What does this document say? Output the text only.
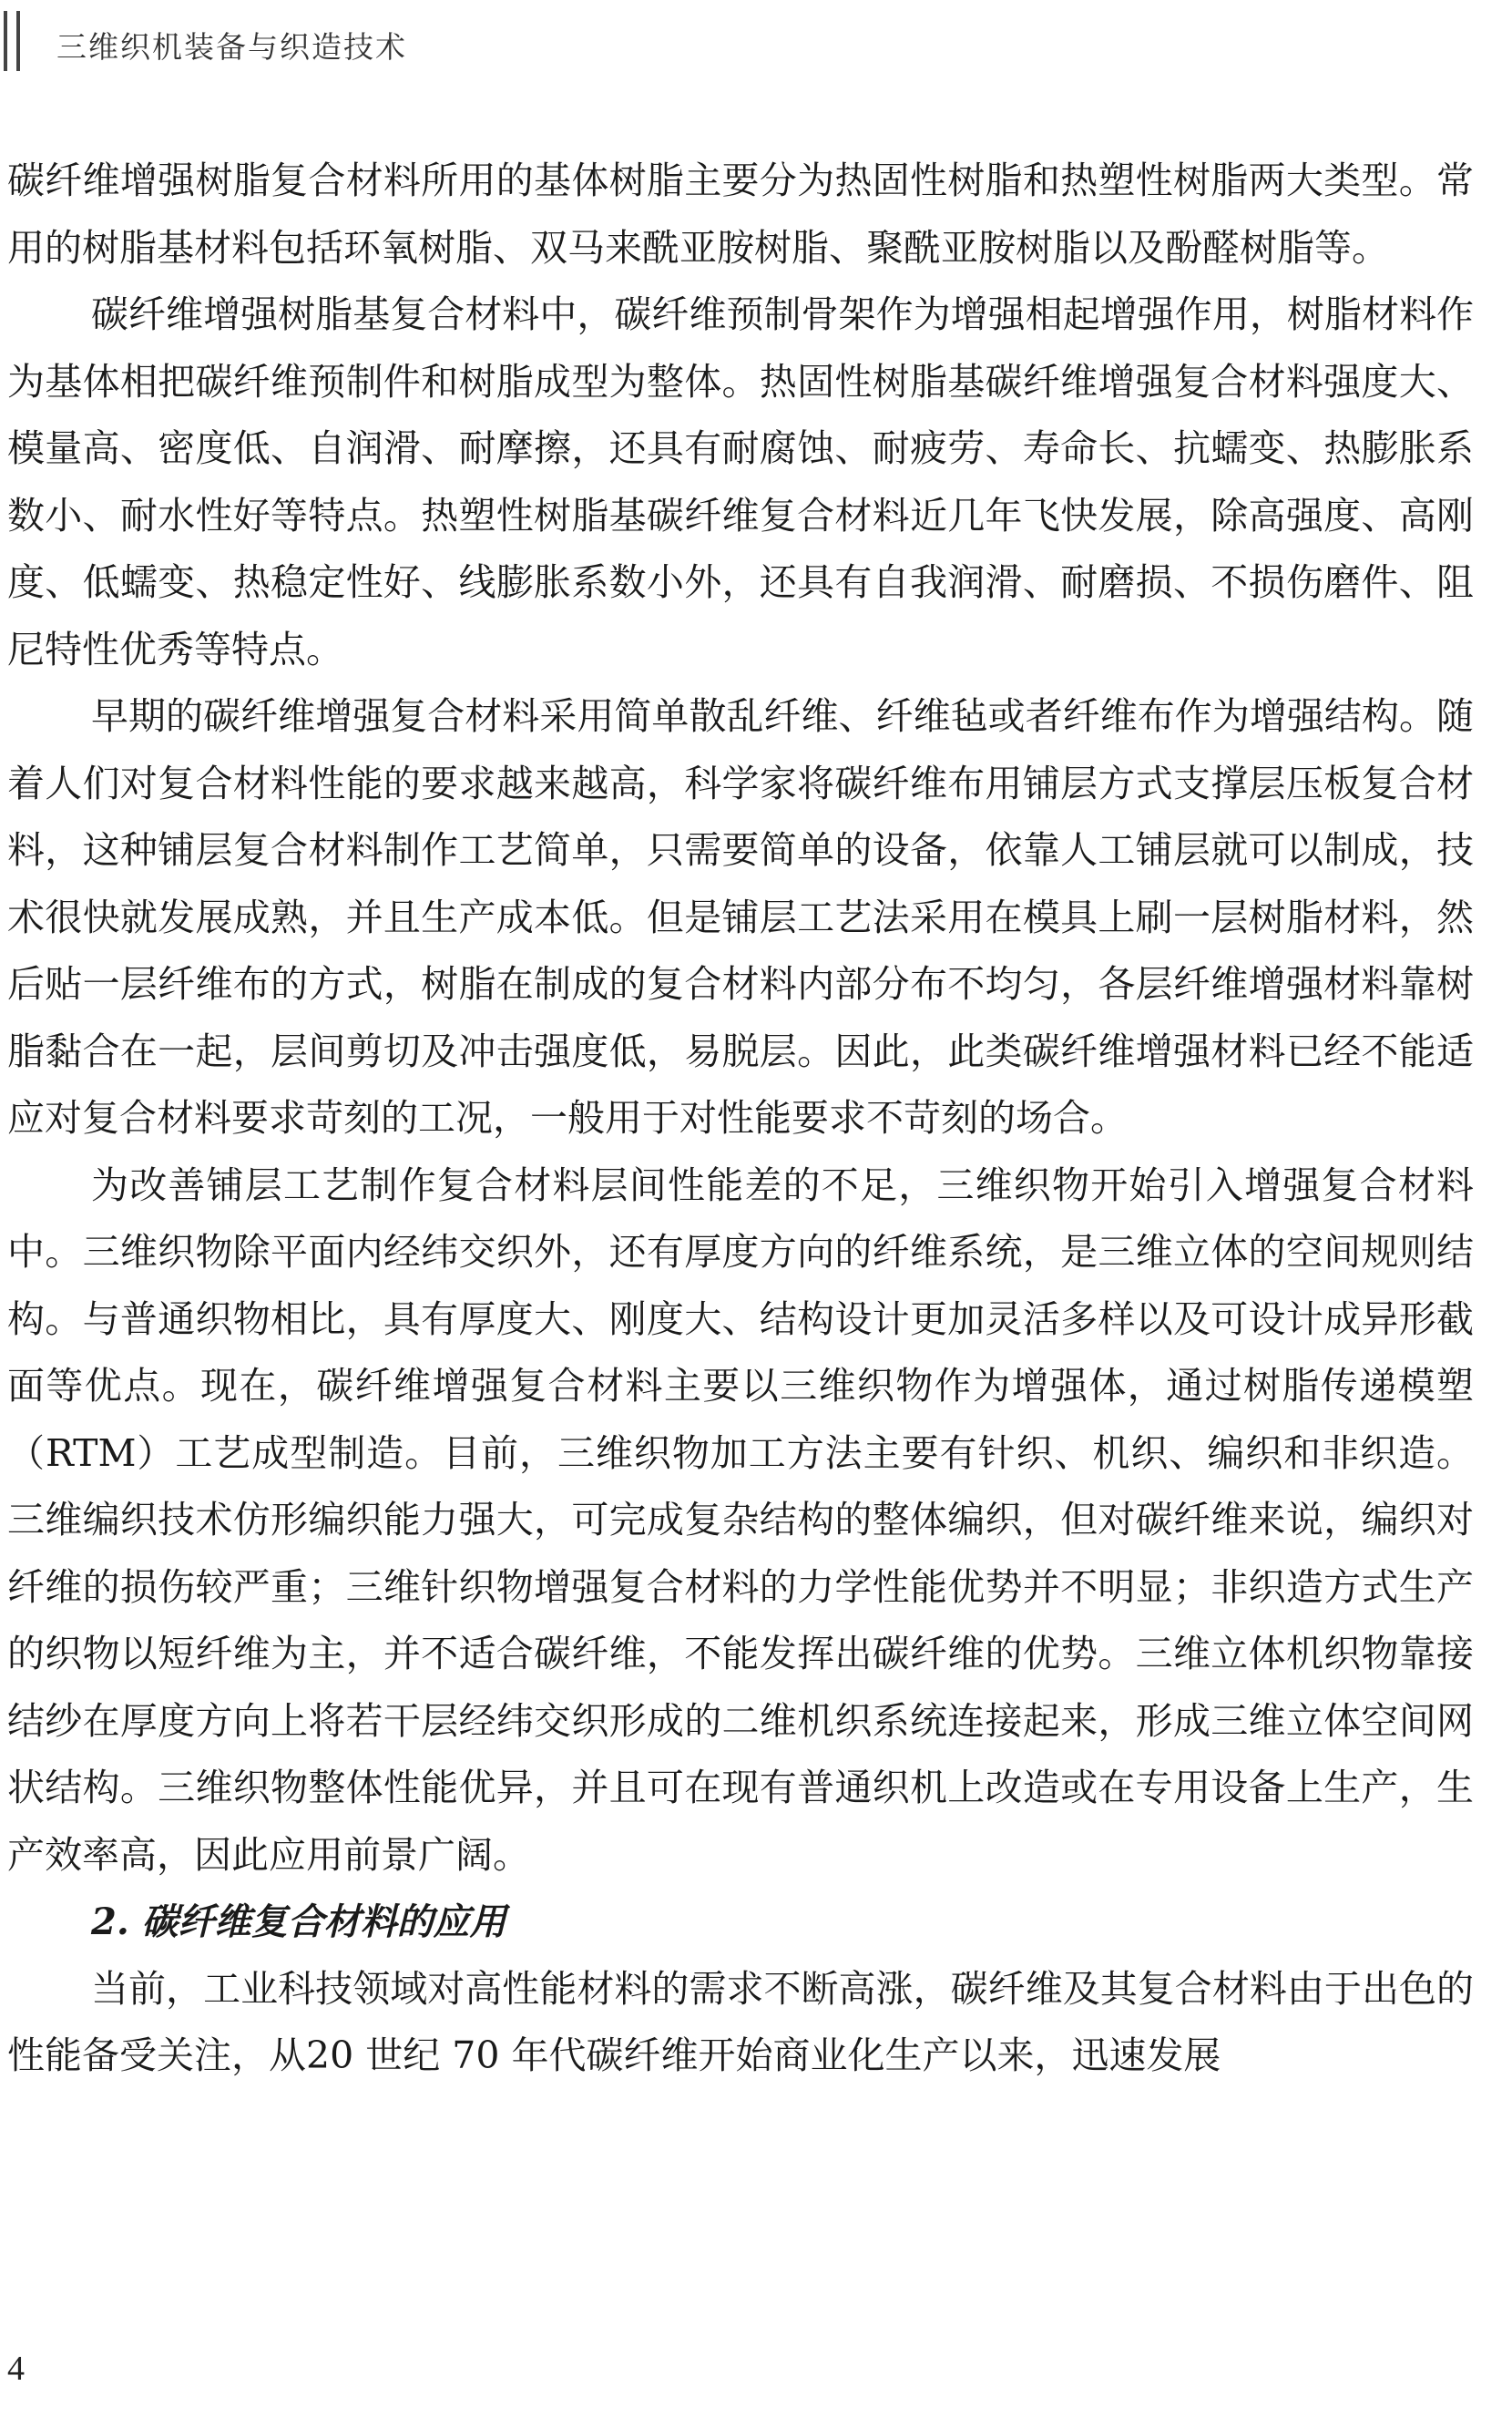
三维织机装备与织造技术

碳纤维增强树脂复合材料所用的基体树脂主要分为热固性树脂和热塑性树脂两大类型。常用的树脂基材料包括环氧树脂、双马来酰亚胺树脂、聚酰亚胺树脂以及酚醛树脂等。

碳纤维增强树脂基复合材料中，碳纤维预制骨架作为增强相起增强作用，树脂材料作为基体相把碳纤维预制件和树脂成型为整体。热固性树脂基碳纤维增强复合材料强度大、模量高、密度低、自润滑、耐摩擦，还具有耐腐蚀、耐疲劳、寿命长、抗蠕变、热膨胀系数小、耐水性好等特点。热塑性树脂基碳纤维复合材料近几年飞快发展，除高强度、高刚度、低蠕变、热稳定性好、线膨胀系数小外，还具有自我润滑、耐磨损、不损伤磨件、阻尼特性优秀等特点。

早期的碳纤维增强复合材料采用简单散乱纤维、纤维毡或者纤维布作为增强结构。随着人们对复合材料性能的要求越来越高，科学家将碳纤维布用铺层方式支撑层压板复合材料，这种铺层复合材料制作工艺简单，只需要简单的设备，依靠人工铺层就可以制成，技术很快就发展成熟，并且生产成本低。但是铺层工艺法采用在模具上刷一层树脂材料，然后贴一层纤维布的方式，树脂在制成的复合材料内部分布不均匀，各层纤维增强材料靠树脂黏合在一起，层间剪切及冲击强度低，易脱层。因此，此类碳纤维增强材料已经不能适应对复合材料要求苛刻的工况，一般用于对性能要求不苛刻的场合。

为改善铺层工艺制作复合材料层间性能差的不足，三维织物开始引入增强复合材料中。三维织物除平面内经纬交织外，还有厚度方向的纤维系统，是三维立体的空间规则结构。与普通织物相比，具有厚度大、刚度大、结构设计更加灵活多样以及可设计成异形截面等优点。现在，碳纤维增强复合材料主要以三维织物作为增强体，通过树脂传递模塑（RTM）工艺成型制造。目前，三维织物加工方法主要有针织、机织、编织和非织造。三维编织技术仿形编织能力强大，可完成复杂结构的整体编织，但对碳纤维来说，编织对纤维的损伤较严重；三维针织物增强复合材料的力学性能优势并不明显；非织造方式生产的织物以短纤维为主，并不适合碳纤维，不能发挥出碳纤维的优势。三维立体机织物靠接结纱在厚度方向上将若干层经纬交织形成的二维机织系统连接起来，形成三维立体空间网状结构。三维织物整体性能优异，并且可在现有普通织机上改造或在专用设备上生产，生产效率高，因此应用前景广阔。

2. 碳纤维复合材料的应用

当前，工业科技领域对高性能材料的需求不断高涨，碳纤维及其复合材料由于出色的性能备受关注，从20 世纪 70 年代碳纤维开始商业化生产以来，迅速发展

4
